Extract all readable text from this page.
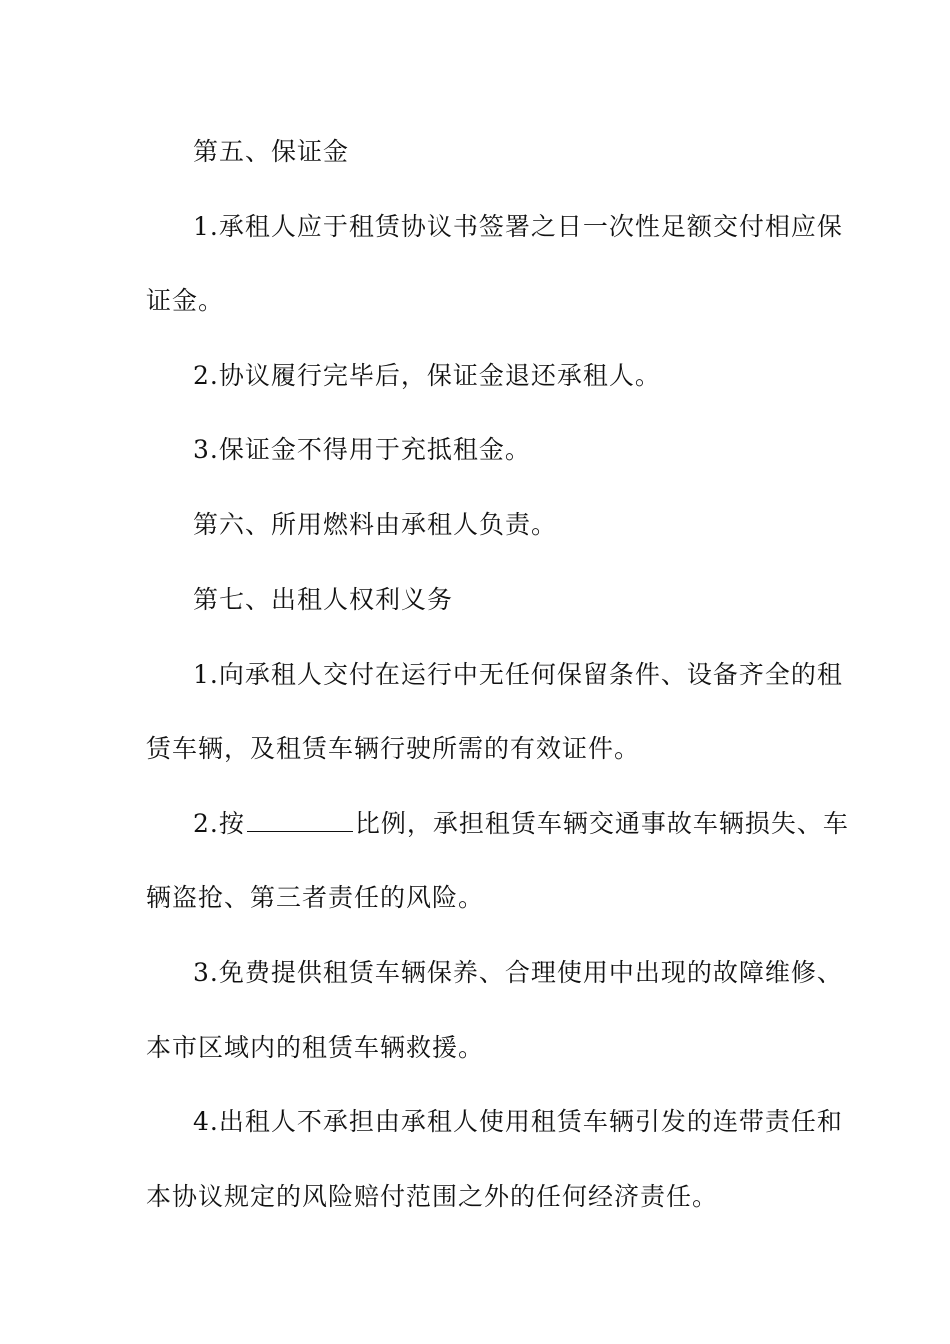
第五、保证金
1.承租人应于租赁协议书签署之日一次性足额交付相应保
证金。
2.协议履行完毕后，保证金退还承租人。
3.保证金不得用于充抵租金。
第六、所用燃料由承租人负责。
第七、出租人权利义务
1.向承租人交付在运行中无任何保留条件、设备齐全的租
赁车辆，及租赁车辆行驶所需的有效证件。
2.按	比例，承担租赁车辆交通事故车辆损失、车
辆盗抢、第三者责任的风险。
3.免费提供租赁车辆保养、合理使用中出现的故障维修、
本市区域内的租赁车辆救援。
4.出租人不承担由承租人使用租赁车辆引发的连带责任和
本协议规定的风险赔付范围之外的任何经济责任。
